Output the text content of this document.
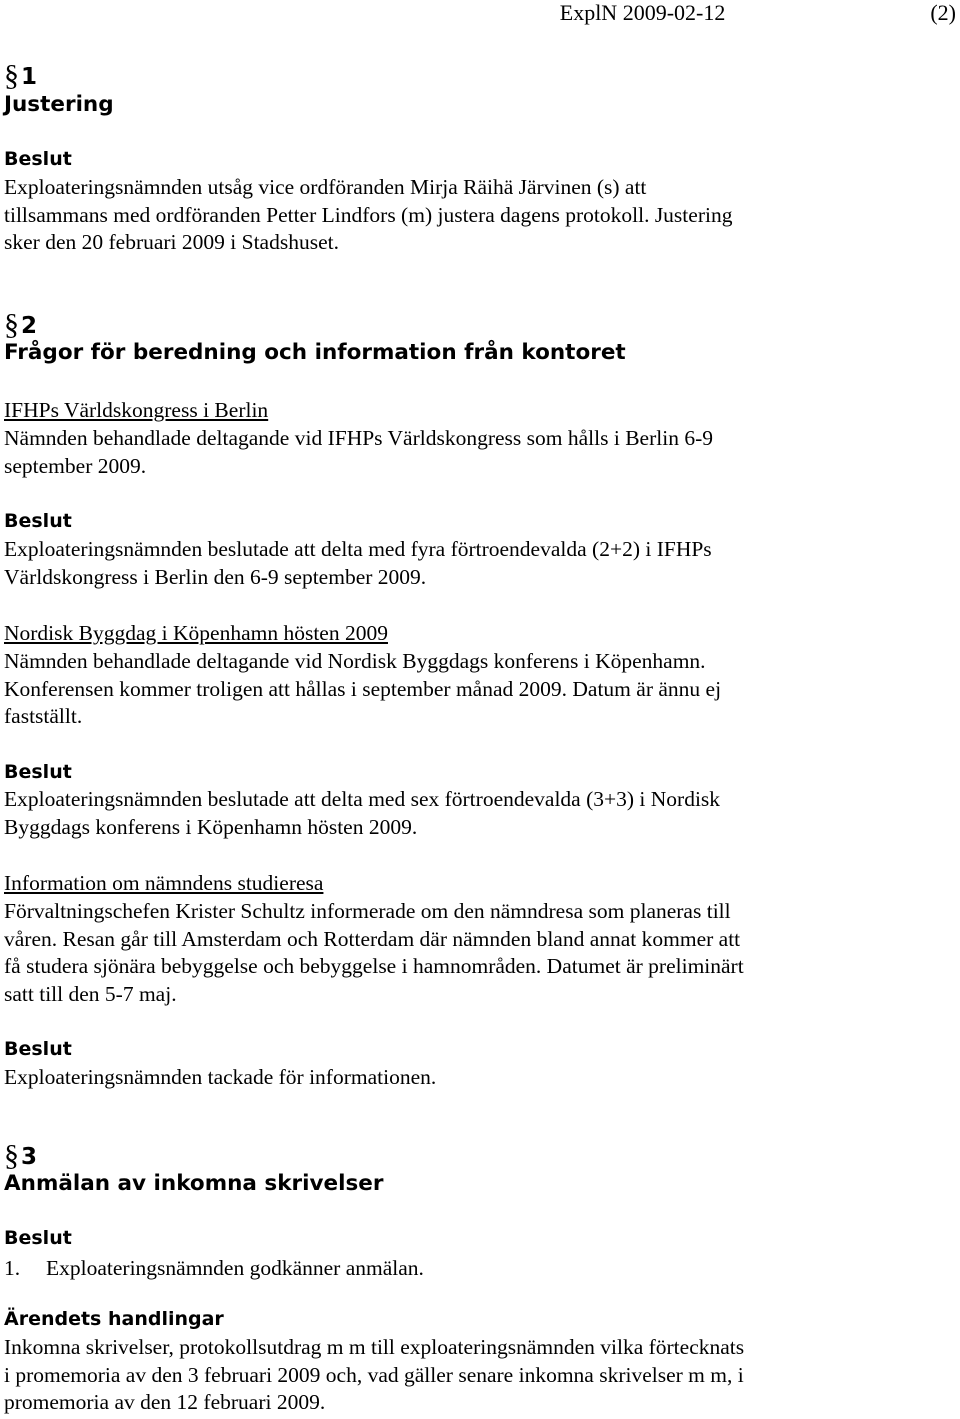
ExplN 2009-02-12	(2)
§ 1
Justering
Beslut
Exploateringsnämnden utsåg vice ordföranden Mirja Räihä Järvinen (s) att
tillsammans med ordföranden Petter Lindfors (m) justera dagens protokoll. Justering
sker den 20 februari 2009 i Stadshuset.
§ 2
Frågor för beredning och information från kontoret
IFHPs Världskongress i Berlin
Nämnden behandlade deltagande vid IFHPs Världskongress som hålls i Berlin 6-9
september 2009.
Beslut
Exploateringsnämnden beslutade att delta med fyra förtroendevalda (2+2) i IFHPs
Världskongress i Berlin den 6-9 september 2009.
Nordisk Byggdag i Köpenhamn hösten 2009
Nämnden behandlade deltagande vid Nordisk Byggdags konferens i Köpenhamn.
Konferensen kommer troligen att hållas i september månad 2009. Datum är ännu ej
fastställt.
Beslut
Exploateringsnämnden beslutade att delta med sex förtroendevalda (3+3) i Nordisk
Byggdags konferens i Köpenhamn hösten 2009.
Information om nämndens studieresa
Förvaltningschefen Krister Schultz informerade om den nämndresa som planeras till
våren. Resan går till Amsterdam och Rotterdam där nämnden bland annat kommer att
få studera sjönära bebyggelse och bebyggelse i hamnområden. Datumet är preliminärt
satt till den 5-7 maj.
Beslut
Exploateringsnämnden tackade för informationen.
§ 3
Anmälan av inkomna skrivelser
Beslut
1.	Exploateringsnämnden godkänner anmälan.
Ärendets handlingar
Inkomna skrivelser, protokollsutdrag m m till exploateringsnämnden vilka förtecknats
i promemoria av den 3 februari 2009 och, vad gäller senare inkomna skrivelser m m, i
promemoria av den 12 februari 2009.
